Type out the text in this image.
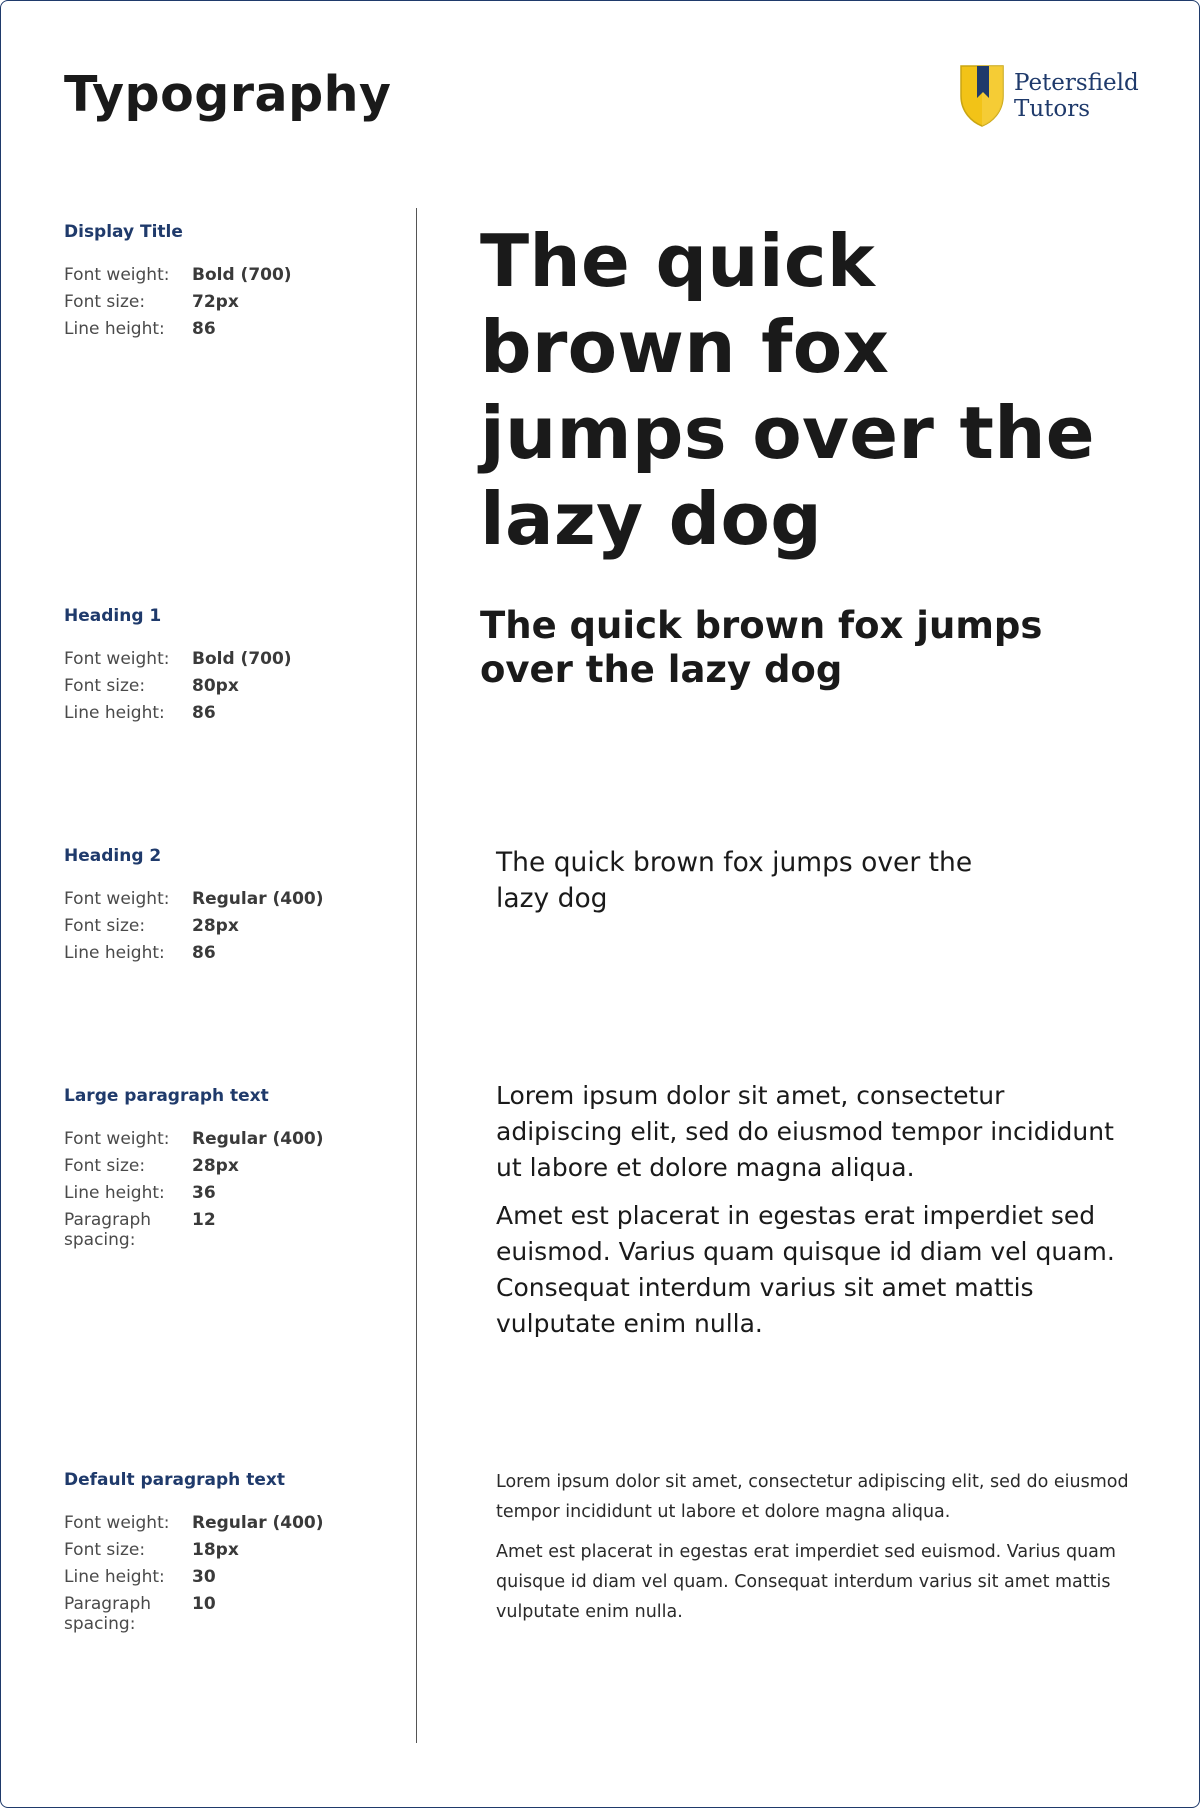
Typography	Petersfield
Tutors
Display Title
Font weight:	Bold (700)
Font size:	72px
Line height:	86
Heading 1
Font weight:	Bold (700)
Font size:	80px
Line height:	86
Heading 2
Font weight:	Regular (400)
Font size:	28px
Line height:	86
Large paragraph text
Font weight:	Regular (400)
Font size:	28px
Line height:	36
Paragraph spacing:
12
Default paragraph text
Font weight:	Regular (400)
Font size:	18px
Line height:	30
Paragraph spacing:
10
The quick brown fox jumps over the lazy dog
The quick brown fox jumps over the lazy dog
The quick brown fox jumps over the lazy dog

Lorem ipsum dolor sit amet, consectetur adipiscing elit, sed do eiusmod tempor incididunt ut labore et dolore magna aliqua.

Amet est placerat in egestas erat imperdiet sed euismod. Varius quam quisque id diam vel quam. Consequat interdum varius sit amet mattis vulputate enim nulla.

Lorem ipsum dolor sit amet, consectetur adipiscing elit, sed do eiusmod tempor incididunt ut labore et dolore magna aliqua.

Amet est placerat in egestas erat imperdiet sed euismod. Varius quam quisque id diam vel quam. Consequat interdum varius sit amet mattis vulputate enim nulla.
